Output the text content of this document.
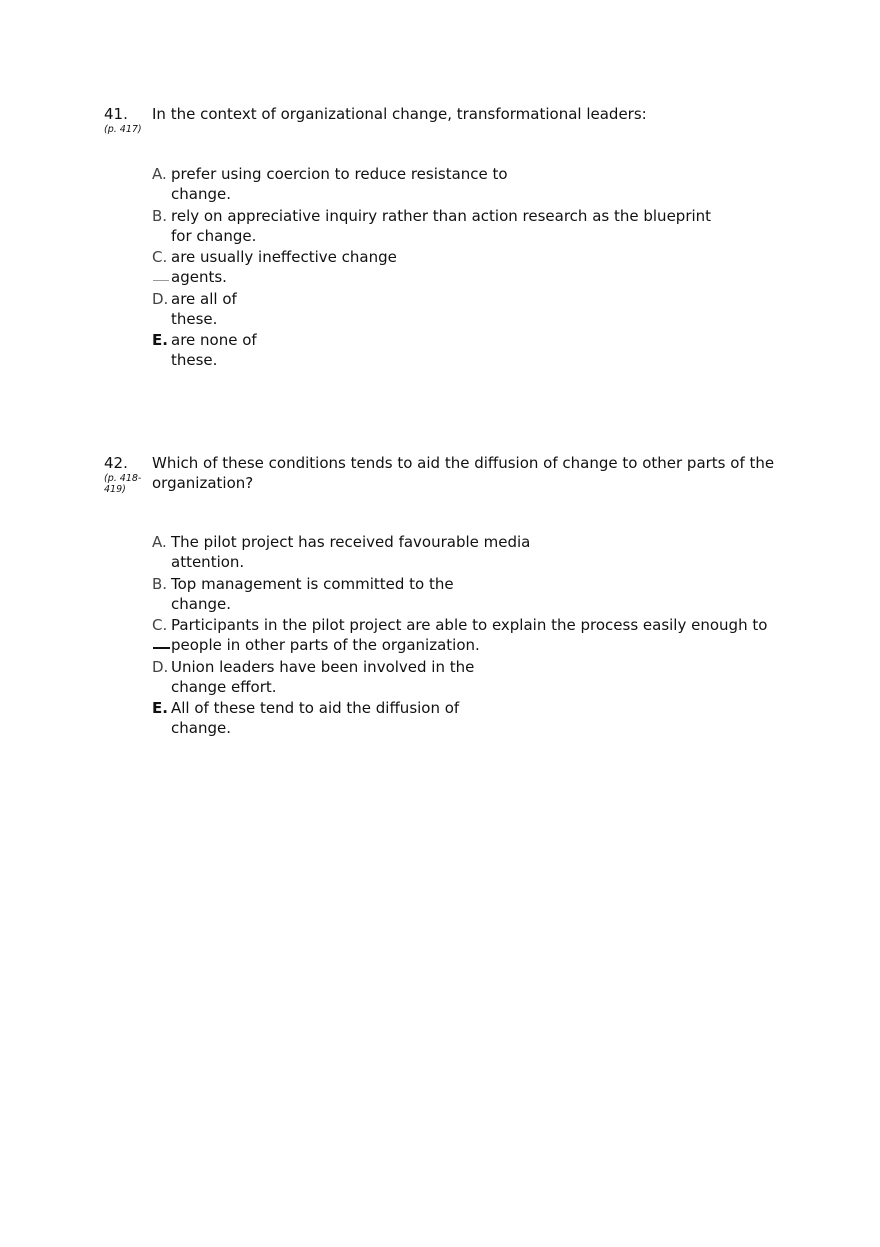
41.
(p. 417)
In the context of organizational change, transformational leaders:
A. prefer using coercion to reduce resistance to change.
B. rely on appreciative inquiry rather than action research as the blueprint for change.
C. are usually ineffective change agents.
D. are all of these.
E. are none of these.
42.
(p. 418-419)
Which of these conditions tends to aid the diffusion of change to other parts of the organization?
A. The pilot project has received favourable media attention.
B. Top management is committed to the change.
C. Participants in the pilot project are able to explain the process easily enough to people in other parts of the organization.
D. Union leaders have been involved in the change effort.
E. All of these tend to aid the diffusion of change.
